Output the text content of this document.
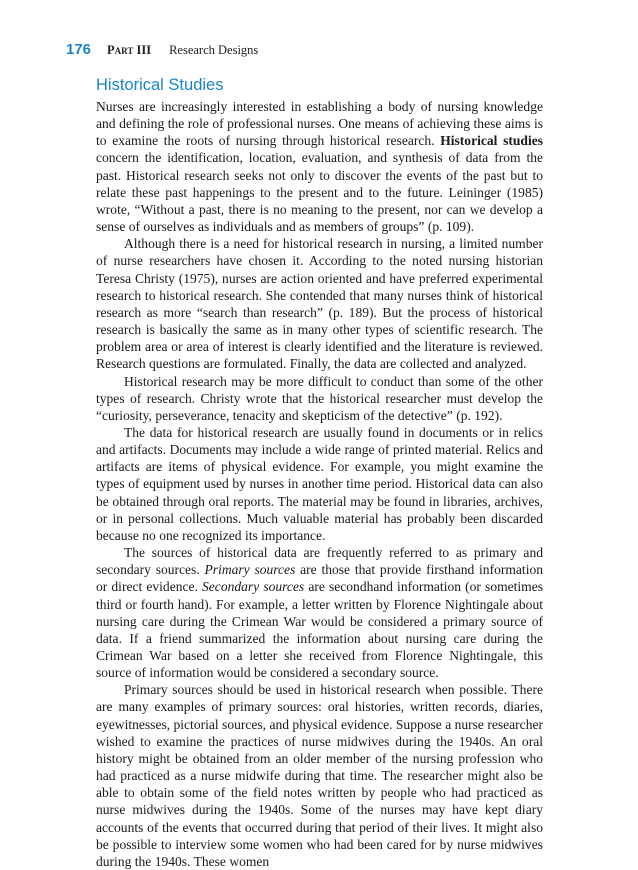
176 Part III Research Designs
Historical Studies

Nurses are increasingly interested in establishing a body of nursing knowledge and defining the role of professional nurses. One means of achieving these aims is to examine the roots of nursing through historical research. Historical studies concern the identification, location, evaluation, and synthesis of data from the past. Historical research seeks not only to discover the events of the past but to relate these past happenings to the present and to the future. Leininger (1985) wrote, “Without a past, there is no meaning to the present, nor can we develop a sense of ourselves as individuals and as members of groups” (p. 109).

Although there is a need for historical research in nursing, a limited number of nurse researchers have chosen it. According to the noted nursing historian Teresa Christy (1975), nurses are action oriented and have preferred experimental research to historical research. She contended that many nurses think of historical research as more “search than research” (p. 189). But the process of historical research is basically the same as in many other types of scientific research. The problem area or area of interest is clearly identified and the literature is reviewed. Research questions are formulated. Finally, the data are collected and analyzed.

Historical research may be more difficult to conduct than some of the other types of research. Christy wrote that the historical researcher must develop the “curiosity, perseverance, tenacity and skepticism of the detective” (p. 192).

The data for historical research are usually found in documents or in relics and artifacts. Documents may include a wide range of printed material. Relics and artifacts are items of physical evidence. For example, you might examine the types of equipment used by nurses in another time period. Historical data can also be obtained through oral reports. The material may be found in libraries, archives, or in personal collections. Much valuable material has probably been discarded because no one recognized its importance.

The sources of historical data are frequently referred to as primary and secondary sources. Primary sources are those that provide firsthand information or direct evidence. Secondary sources are secondhand information (or sometimes third or fourth hand). For example, a letter written by Florence Nightingale about nursing care during the Crimean War would be considered a primary source of data. If a friend summarized the information about nursing care during the Crimean War based on a letter she received from Florence Nightingale, this source of information would be considered a secondary source.

Primary sources should be used in historical research when possible. There are many examples of primary sources: oral histories, written records, diaries, eyewitnesses, pictorial sources, and physical evidence. Suppose a nurse researcher wished to examine the practices of nurse midwives during the 1940s. An oral history might be obtained from an older member of the nursing profession who had practiced as a nurse midwife during that time. The researcher might also be able to obtain some of the field notes written by people who had practiced as nurse midwives during the 1940s. Some of the nurses may have kept diary accounts of the events that occurred during that period of their lives. It might also be possible to interview some women who had been cared for by nurse midwives during the 1940s. These women
